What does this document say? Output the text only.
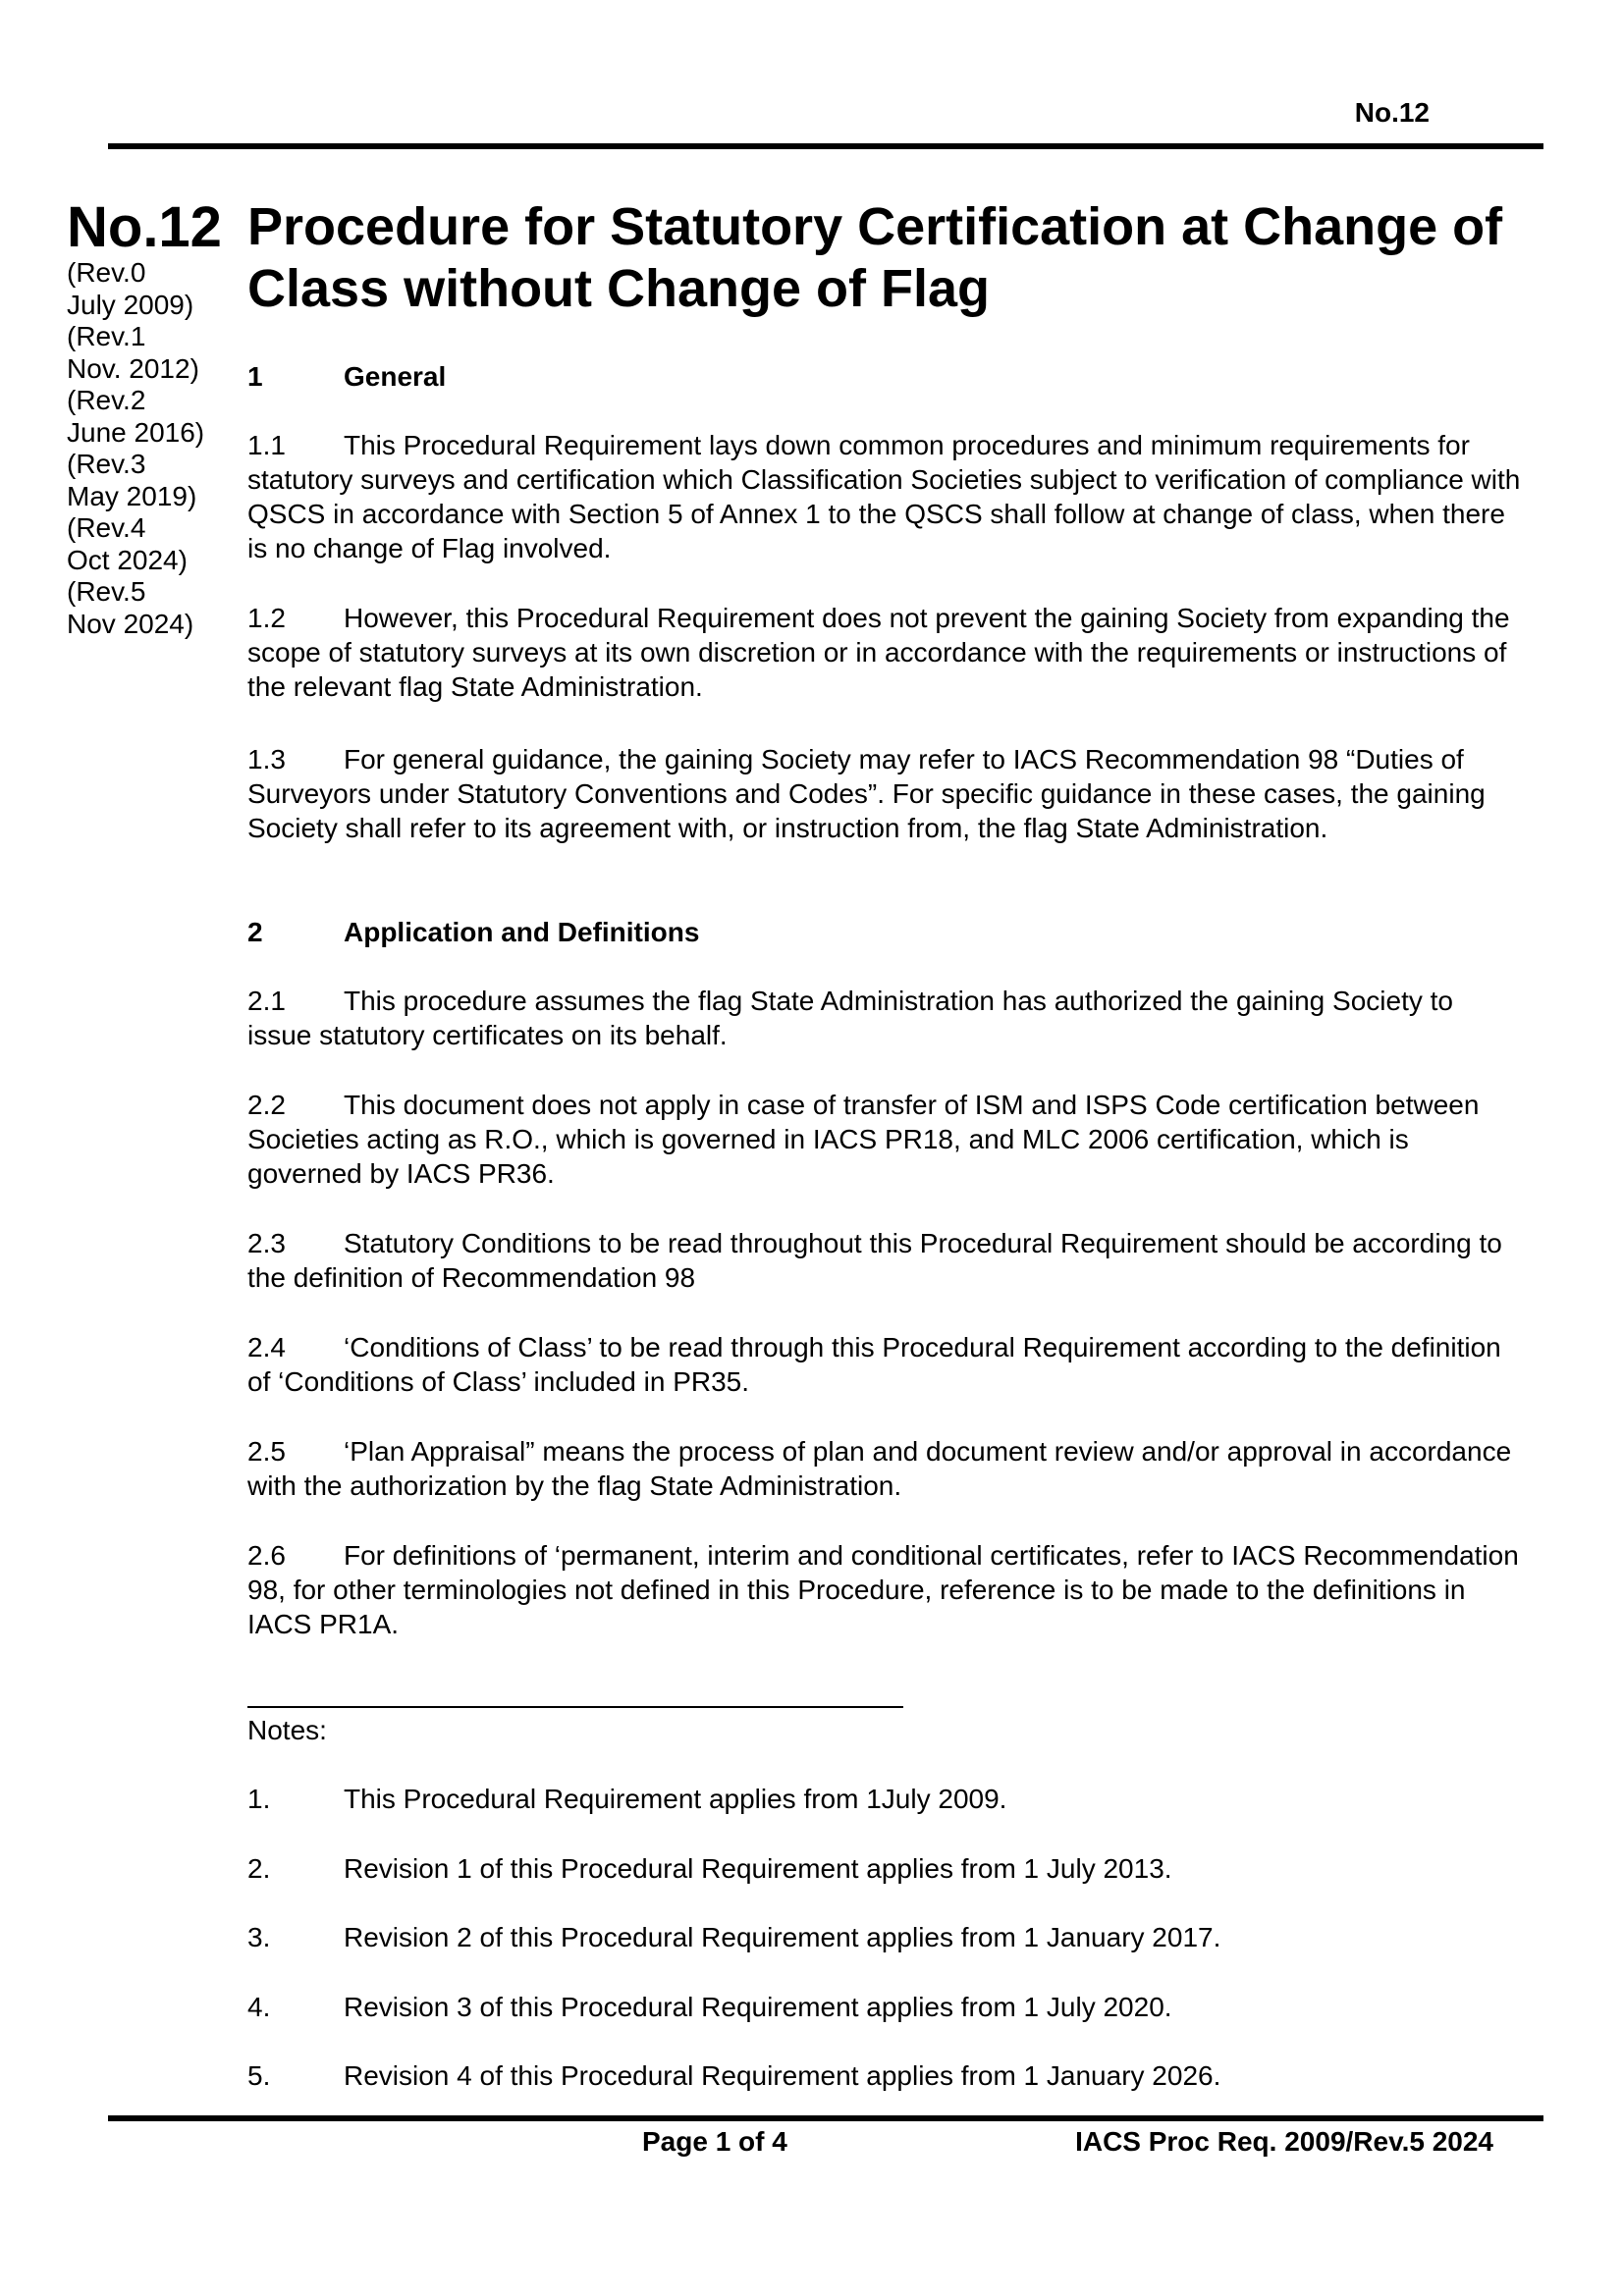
No.12
No.12
(Rev.0
July 2009)
(Rev.1
Nov. 2012)
(Rev.2
June 2016)
(Rev.3
May 2019)
(Rev.4
Oct 2024)
(Rev.5
Nov 2024)
Procedure for Statutory Certification at Change of Class without Change of Flag
1	General

1.1 This Procedural Requirement lays down common procedures and minimum requirements for statutory surveys and certification which Classification Societies subject to verification of compliance with QSCS in accordance with Section 5 of Annex 1 to the QSCS shall follow at change of class, when there is no change of Flag involved.

1.2 However, this Procedural Requirement does not prevent the gaining Society from expanding the scope of statutory surveys at its own discretion or in accordance with the requirements or instructions of the relevant flag State Administration.

1.3 For general guidance, the gaining Society may refer to IACS Recommendation 98 “Duties of Surveyors under Statutory Conventions and Codes”. For specific guidance in these cases, the gaining Society shall refer to its agreement with, or instruction from, the flag State Administration.

2	Application and Definitions

2.1 This procedure assumes the flag State Administration has authorized the gaining Society to issue statutory certificates on its behalf.

2.2 This document does not apply in case of transfer of ISM and ISPS Code certification between Societies acting as R.O., which is governed in IACS PR18, and MLC 2006 certification, which is governed by IACS PR36.

2.3 Statutory Conditions to be read throughout this Procedural Requirement should be according to the definition of Recommendation 98

2.4 ‘Conditions of Class’ to be read through this Procedural Requirement according to the definition of ‘Conditions of Class’ included in PR35.

2.5 ‘Plan Appraisal” means the process of plan and document review and/or approval in accordance with the authorization by the flag State Administration.

2.6 For definitions of ‘permanent, interim and conditional certificates, refer to IACS Recommendation 98, for other terminologies not defined in this Procedure, reference is to be made to the definitions in IACS PR1A.

Notes:
1.	This Procedural Requirement applies from 1July 2009.
2.	Revision 1 of this Procedural Requirement applies from 1 July 2013.
3.	Revision 2 of this Procedural Requirement applies from 1 January 2017.
4.	Revision 3 of this Procedural Requirement applies from 1 July 2020.
5.	Revision 4 of this Procedural Requirement applies from 1 January 2026.
Page 1 of 4	IACS Proc Req. 2009/Rev.5 2024
